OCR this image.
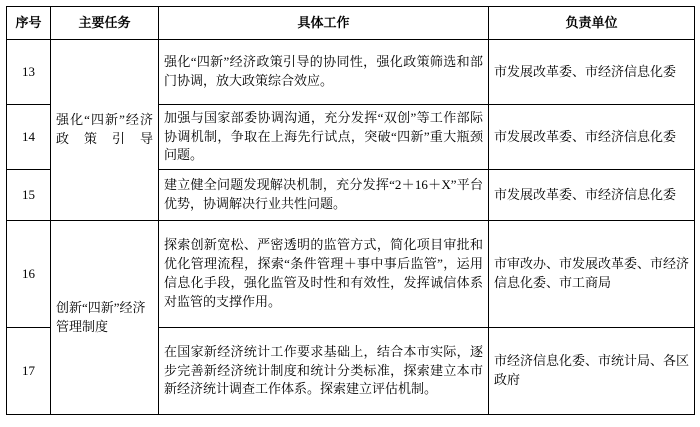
序号	主要任务	具体工作	负责单位
13	强化“四新”经济政策引导	强化“四新”经济政策引导的协同性，强化政策筛选和部门协调，放大政策综合效应。	市发展改革委、市经济信息化委
14		加强与国家部委协调沟通，充分发挥“双创”等工作部际协调机制，争取在上海先行试点，突破“四新”重大瓶颈问题。	市发展改革委、市经济信息化委
15		建立健全问题发现解决机制，充分发挥“2＋16＋X”平台优势，协调解决行业共性问题。	市发展改革委、市经济信息化委
16	创新“四新”经济管理制度	探索创新宽松、严密透明的监管方式，简化项目审批和优化管理流程，探索“条件管理＋事中事后监管”，运用信息化手段，强化监管及时性和有效性，发挥诚信体系对监管的支撑作用。	市审改办、市发展改革委、市经济信息化委、市工商局
17		在国家新经济统计工作要求基础上，结合本市实际，逐步完善新经济统计制度和统计分类标准，探索建立本市新经济统计调查工作体系。探索建立评估机制。	市经济信息化委、市统计局、各区政府
